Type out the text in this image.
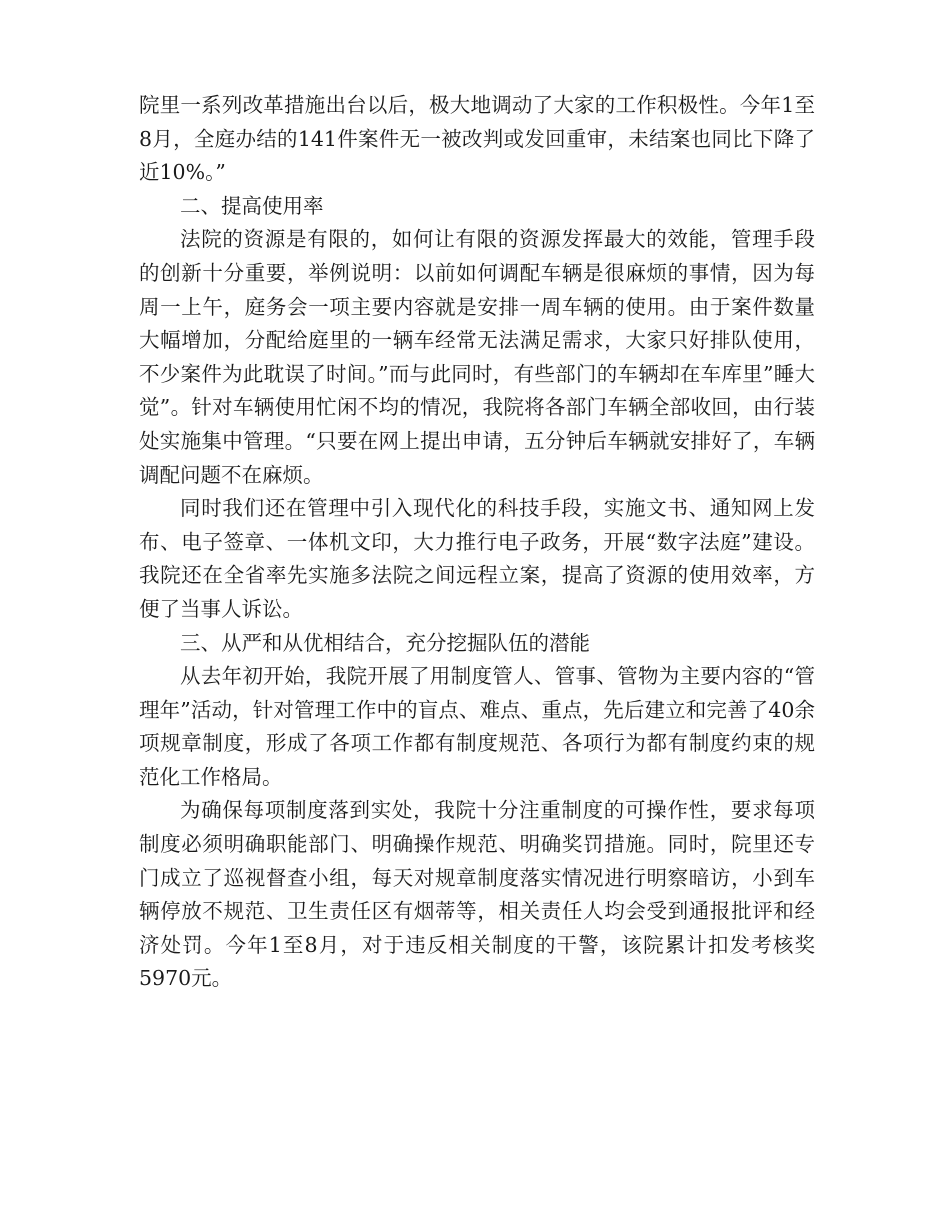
院里一系列改革措施出台以后，极大地调动了大家的工作积极性。今年1至8月，全庭办结的141件案件无一被改判或发回重审，未结案也同比下降了近10%。”

二、提高使用率

法院的资源是有限的，如何让有限的资源发挥最大的效能，管理手段的创新十分重要，举例说明：以前如何调配车辆是很麻烦的事情，因为每周一上午，庭务会一项主要内容就是安排一周车辆的使用。由于案件数量大幅增加，分配给庭里的一辆车经常无法满足需求，大家只好排队使用，不少案件为此耽误了时间。”而与此同时，有些部门的车辆却在车库里”睡大觉”。针对车辆使用忙闲不均的情况，我院将各部门车辆全部收回，由行装处实施集中管理。“只要在网上提出申请，五分钟后车辆就安排好了，车辆调配问题不在麻烦。

同时我们还在管理中引入现代化的科技手段，实施文书、通知网上发布、电子签章、一体机文印，大力推行电子政务，开展“数字法庭”建设。我院还在全省率先实施多法院之间远程立案，提高了资源的使用效率，方便了当事人诉讼。

三、从严和从优相结合，充分挖掘队伍的潜能

从去年初开始，我院开展了用制度管人、管事、管物为主要内容的“管理年”活动，针对管理工作中的盲点、难点、重点，先后建立和完善了40余项规章制度，形成了各项工作都有制度规范、各项行为都有制度约束的规范化工作格局。

为确保每项制度落到实处，我院十分注重制度的可操作性，要求每项制度必须明确职能部门、明确操作规范、明确奖罚措施。同时，院里还专门成立了巡视督查小组，每天对规章制度落实情况进行明察暗访，小到车辆停放不规范、卫生责任区有烟蒂等，相关责任人均会受到通报批评和经济处罚。今年1至8月，对于违反相关制度的干警，该院累计扣发考核奖5970元。
